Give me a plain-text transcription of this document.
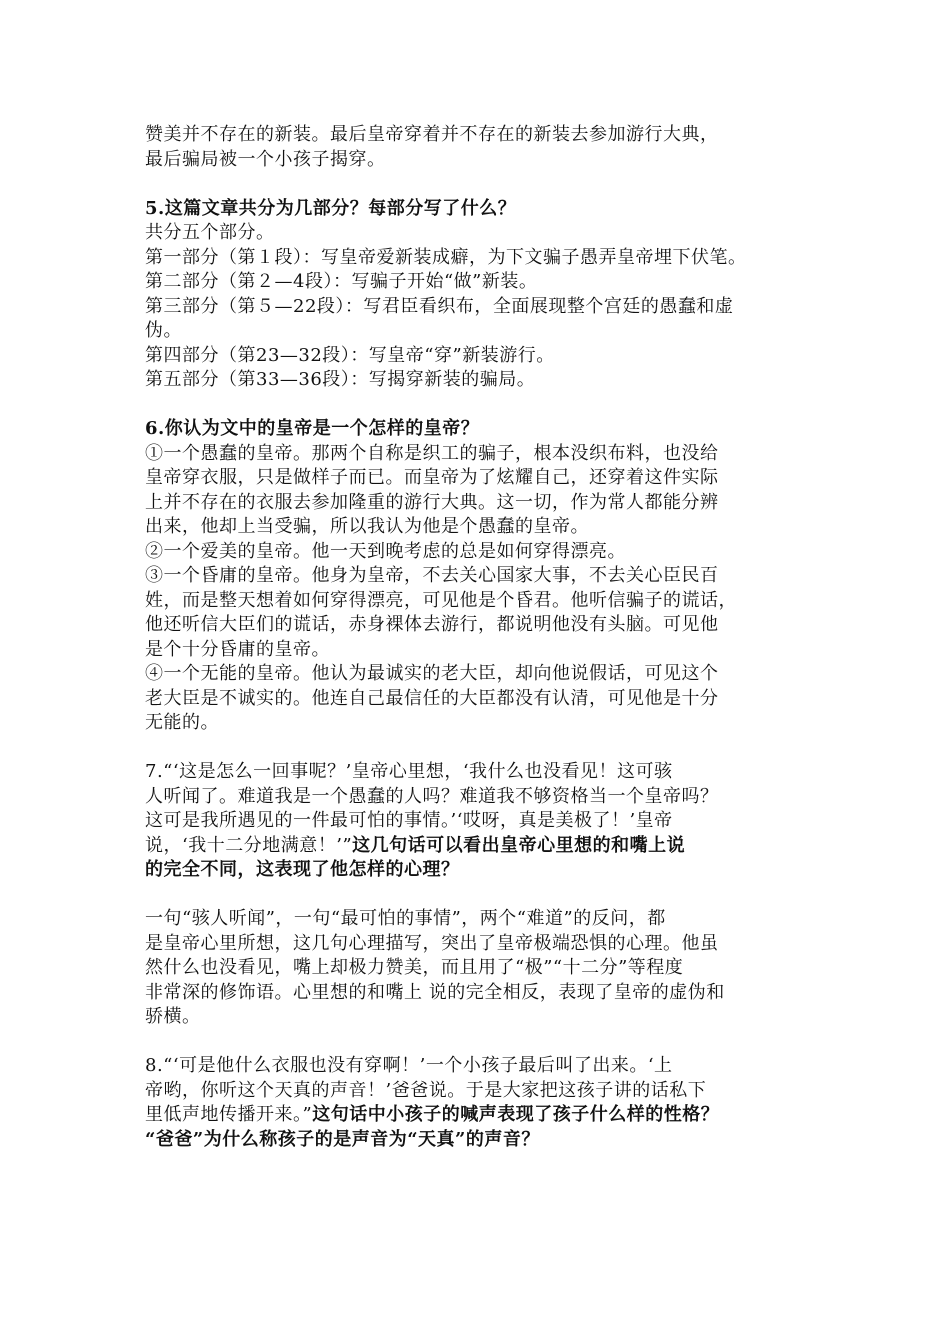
赞美并不存在的新装。最后皇帝穿着并不存在的新装去参加游行大典，
最后骗局被一个小孩子揭穿。
5.这篇文章共分为几部分？每部分写了什么？
共分五个部分。
第一部分（第１段）：写皇帝爱新装成癖，为下文骗子愚弄皇帝埋下伏笔。
第二部分（第２—4段）：写骗子开始“做”新装。
第三部分（第５—22段）：写君臣看织布，全面展现整个宫廷的愚蠢和虚
伪。
第四部分（第23—32段）：写皇帝“穿”新装游行。
第五部分（第33—36段）：写揭穿新装的骗局。
6.你认为文中的皇帝是一个怎样的皇帝？
①一个愚蠢的皇帝。那两个自称是织工的骗子，根本没织布料，也没给
皇帝穿衣服，只是做样子而已。而皇帝为了炫耀自己，还穿着这件实际
上并不存在的衣服去参加隆重的游行大典。这一切，作为常人都能分辨
出来，他却上当受骗，所以我认为他是个愚蠢的皇帝。
②一个爱美的皇帝。他一天到晚考虑的总是如何穿得漂亮。
③一个昏庸的皇帝。他身为皇帝，不去关心国家大事，不去关心臣民百
姓，而是整天想着如何穿得漂亮，可见他是个昏君。他听信骗子的谎话，
他还听信大臣们的谎话，赤身裸体去游行，都说明他没有头脑。可见他
是个十分昏庸的皇帝。
④一个无能的皇帝。他认为最诚实的老大臣，却向他说假话，可见这个
老大臣是不诚实的。他连自己最信任的大臣都没有认清，可见他是十分
无能的。
7.“‘这是怎么一回事呢？’皇帝心里想，‘我什么也没看见！这可骇
人听闻了。难道我是一个愚蠢的人吗？难道我不够资格当一个皇帝吗？
这可是我所遇见的一件最可怕的事情。’‘哎呀，真是美极了！’皇帝
说，‘我十二分地满意！’”这几句话可以看出皇帝心里想的和嘴上说
的完全不同，这表现了他怎样的心理？
一句“骇人听闻”，一句“最可怕的事情”，两个“难道”的反问，都
是皇帝心里所想，这几句心理描写，突出了皇帝极端恐惧的心理。他虽
然什么也没看见，嘴上却极力赞美，而且用了“极”“十二分”等程度
非常深的修饰语。心里想的和嘴上 说的完全相反，表现了皇帝的虚伪和
骄横。
8.“‘可是他什么衣服也没有穿啊！’一个小孩子最后叫了出来。‘上
帝哟，你听这个天真的声音！’爸爸说。于是大家把这孩子讲的话私下
里低声地传播开来。”这句话中小孩子的喊声表现了孩子什么样的性格？
“爸爸”为什么称孩子的是声音为“天真”的声音？
